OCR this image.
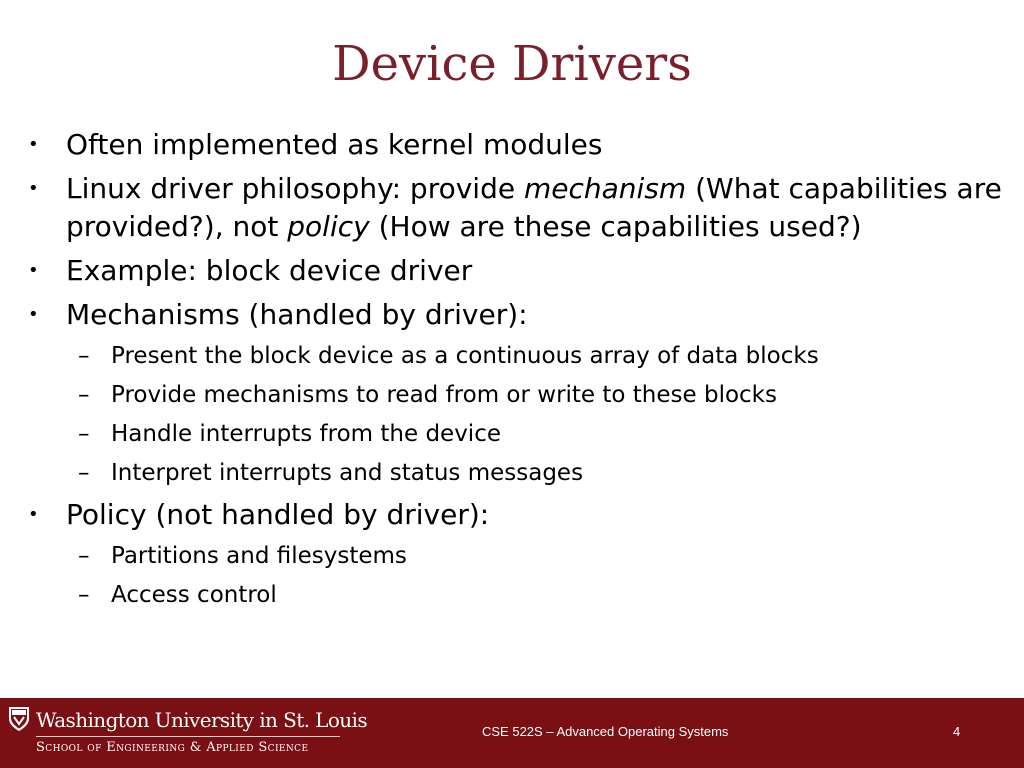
Device Drivers
• Often implemented as kernel modules
• Linux driver philosophy: provide mechanism (What capabilities are provided?), not policy (How are these capabilities used?)
• Example: block device driver
• Mechanisms (handled by driver):
– Present the block device as a continuous array of data blocks
– Provide mechanisms to read from or write to these blocks
– Handle interrupts from the device
– Interpret interrupts and status messages
• Policy (not handled by driver):
– Partitions and filesystems
– Access control
Washington University in St. Louis
School of Engineering & Applied Science
CSE 522S – Advanced Operating Systems	4
